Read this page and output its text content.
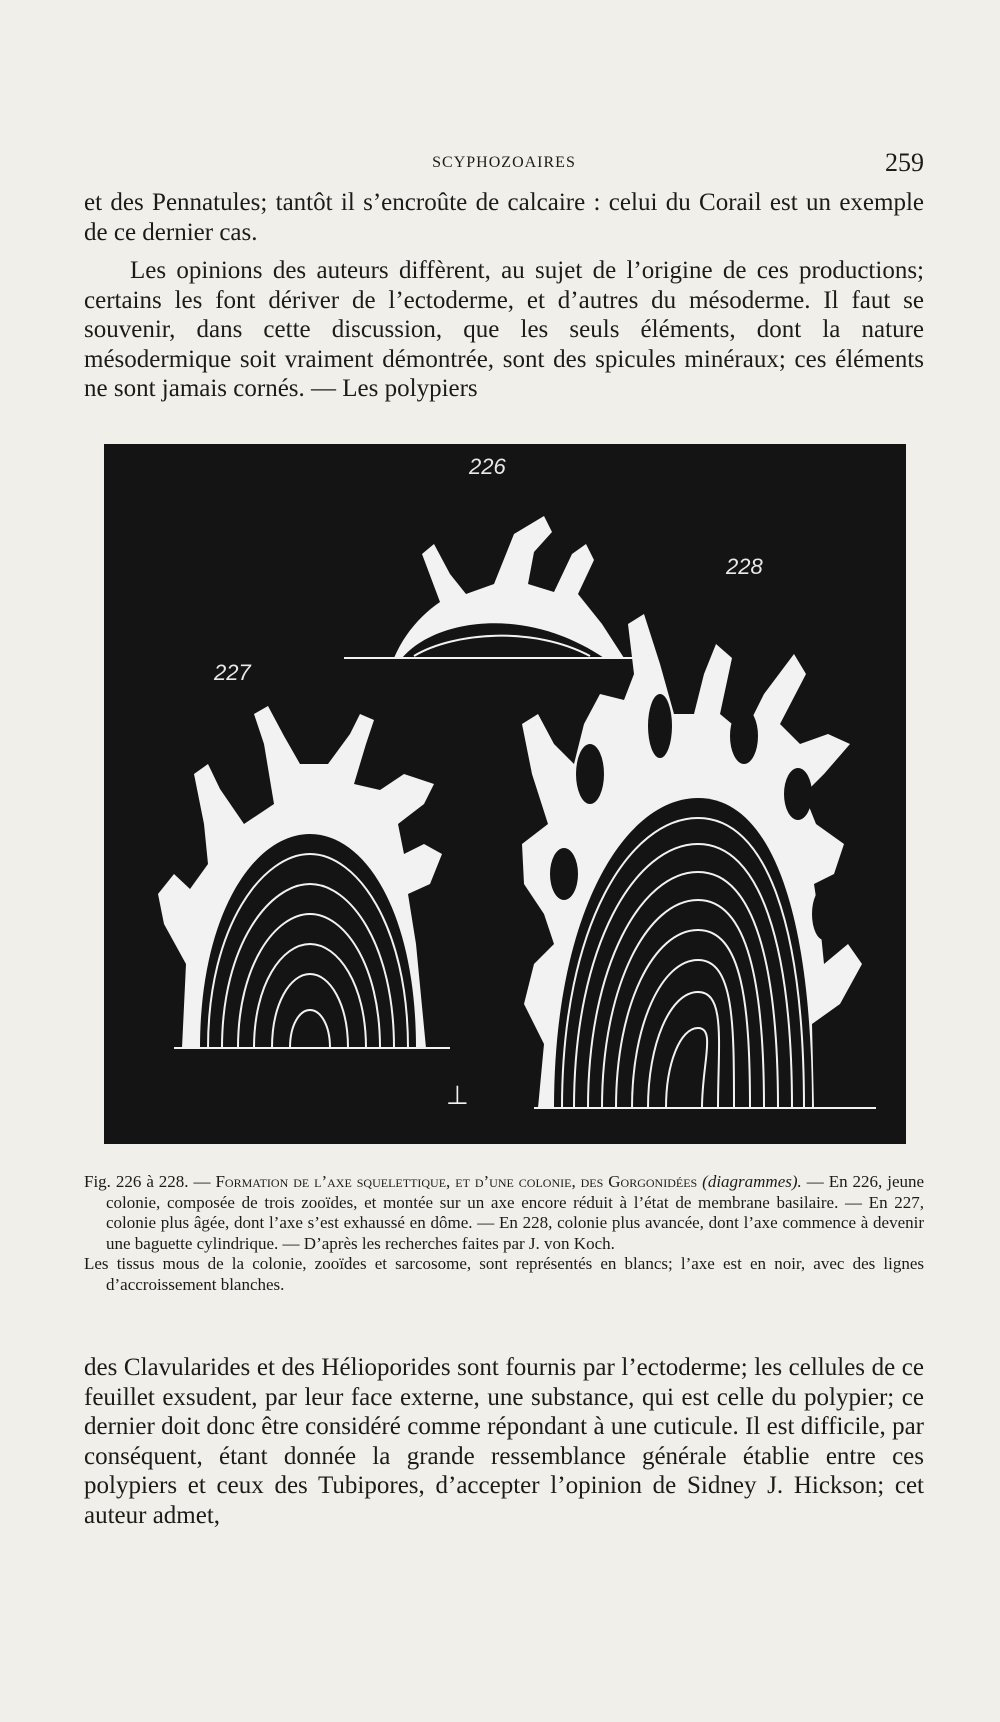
SCYPHOZOAIRES	259

et des Pennatules; tantôt il s’encroûte de calcaire : celui du Corail est un exemple de ce dernier cas.

Les opinions des auteurs diffèrent, au sujet de l’origine de ces productions; certains les font dériver de l’ectoderme, et d’autres du mésoderme. Il faut se souvenir, dans cette discussion, que les seuls éléments, dont la nature mésodermique soit vraiment démontrée, sont des spicules minéraux; ces éléments ne sont jamais cornés. — Les polypiers

226
227
⊥
228

Fig. 226 à 228. — Formation de l’axe squelettique, et d’une colonie, des Gorgonidées (diagrammes). — En 226, jeune colonie, composée de trois zooïdes, et montée sur un axe encore réduit à l’état de membrane basilaire. — En 227, colonie plus âgée, dont l’axe s’est exhaussé en dôme. — En 228, colonie plus avancée, dont l’axe commence à devenir une baguette cylindrique. — D’après les recherches faites par J. von Koch.
Les tissus mous de la colonie, zooïdes et sarcosome, sont représentés en blancs; l’axe est en noir, avec des lignes d’accroissement blanches.

des Clavularides et des Hélioporides sont fournis par l’ectoderme; les cellules de ce feuillet exsudent, par leur face externe, une substance, qui est celle du polypier; ce dernier doit donc être considéré comme répondant à une cuticule. Il est difficile, par conséquent, étant donnée la grande ressemblance générale établie entre ces polypiers et ceux des Tubipores, d’accepter l’opinion de Sidney J. Hickson; cet auteur admet,
